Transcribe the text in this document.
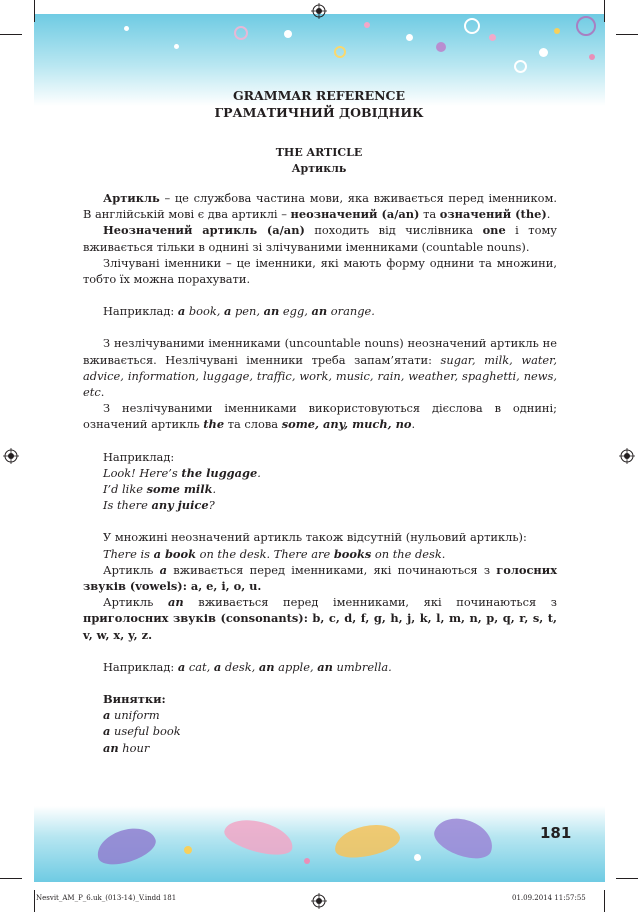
GRAMMAR REFERENCE
ГРАМАТИЧНИЙ ДОВІДНИК
THE ARTICLE
Артикль

Артикль – це службова частина мови, яка вживається перед іменником. В англійській мові є два артиклі – неозначений (a/an) та означений (the).

Неозначений артикль (a/an) походить від числівника one і тому вживається тільки в однині зі злічуваними іменниками (countable nouns).

Злічувані іменники – це іменники, які мають форму однини та множини, тобто їх можна порахувати.

Наприклад: a book, a pen, an egg, an orange.

З незлічуваними іменниками (uncountable nouns) неозначений артикль не вживається. Незлічувані іменники треба запам’ятати: sugar, milk, water, advice, information, luggage, traffic, work, music, rain, weather, spaghetti, news, etc.

З незлічуваними іменниками використовуються дієслова в однині; означений артикль the та слова some, any, much, no.

Наприклад:

Look! Here’s the luggage.

I’d like some milk.

Is there any juice?

У множині неозначений артикль також відсутній (нульовий артикль):

There is a book on the desk. There are books on the desk.

Артикль a вживається перед іменниками, які починаються з голосних звуків (vowels): a, e, i, o, u.

Артикль an вживається перед іменниками, які починаються з приголосних звуків (consonants): b, c, d, f, g, h, j, k, l, m, n, p, q, r, s, t, v, w, x, y, z.

Наприклад: a cat, a desk, an apple, an umbrella.

Винятки:

a uniform

a useful book

an hour

181
Nesvit_AM_P_6.uk_(013-14)_V.indd 181	01.09.2014 11:57:55
